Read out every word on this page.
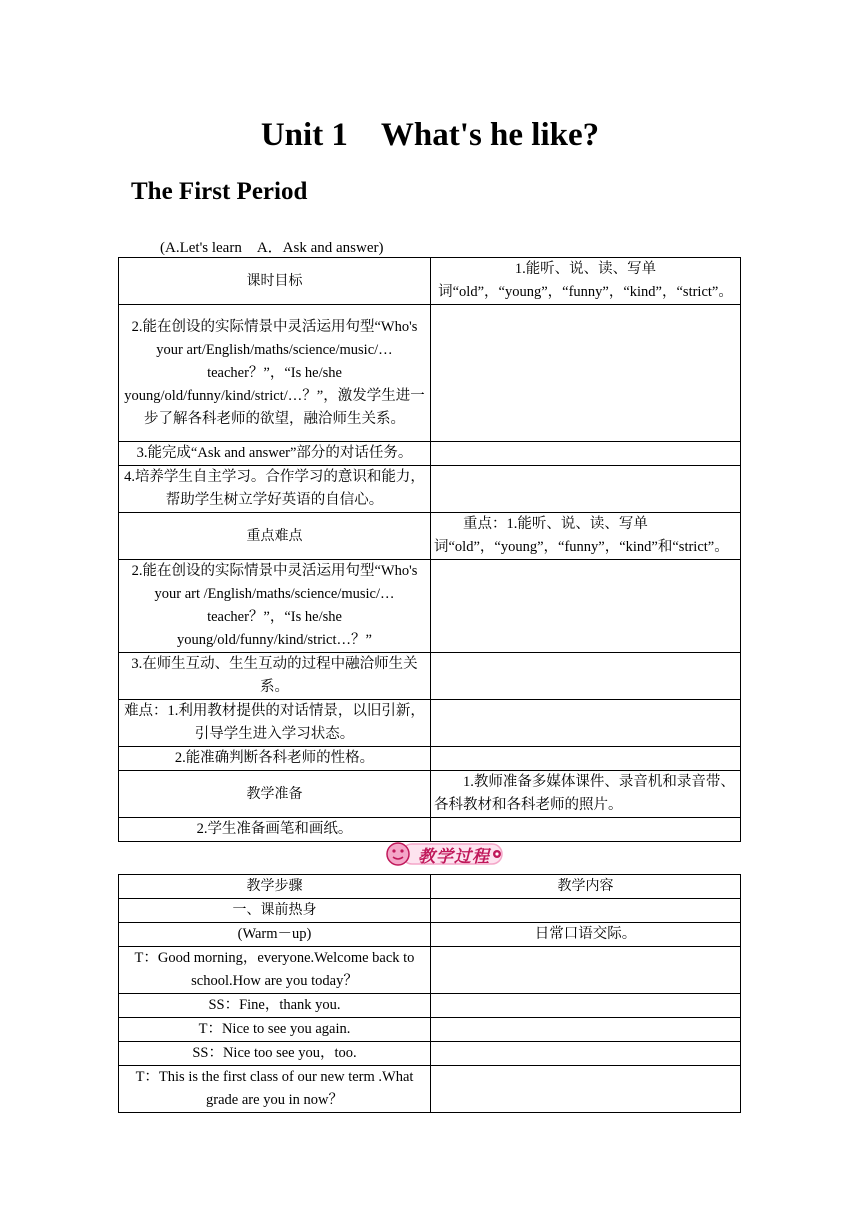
Unit 1　What's he like?
The First Period
(A.Let's learn　A．Ask and answer)
课时目标	1.能听、说、读、写单词“old”，“young”，“funny”，“kind”，“strict”。
2.能在创设的实际情景中灵活运用句型“Who's your art/English/maths/science/music/…teacher？”，“Is he/she young/old/funny/kind/strict/…？”，激发学生进一步了解各科老师的欲望，融洽师生关系。	
3.能完成“Ask and answer”部分的对话任务。	
4.培养学生自主学习。合作学习的意识和能力，帮助学生树立学好英语的自信心。	
重点难点	重点：1.能听、说、读、写单词“old”，“young”，“funny”，“kind”和“strict”。
2.能在创设的实际情景中灵活运用句型“Who's your art /English/maths/science/music/…teacher？”，“Is he/she young/old/funny/kind/strict…？”	
3.在师生互动、生生互动的过程中融洽师生关系。	
难点：1.利用教材提供的对话情景，以旧引新，引导学生进入学习状态。	
2.能准确判断各科老师的性格。	
教学准备	1.教师准备多媒体课件、录音机和录音带、各科教材和各科老师的照片。
2.学生准备画笔和画纸。	
教学过程
教学步骤	教学内容
一、课前热身	
(Warm－up)	日常口语交际。
T：Good morning，everyone.Welcome back to school.How are you today？	
SS：Fine，thank you.	
T：Nice to see you again.	
SS：Nice too see you，too.	
T：This is the first class of our new term .What grade are you in now？	
